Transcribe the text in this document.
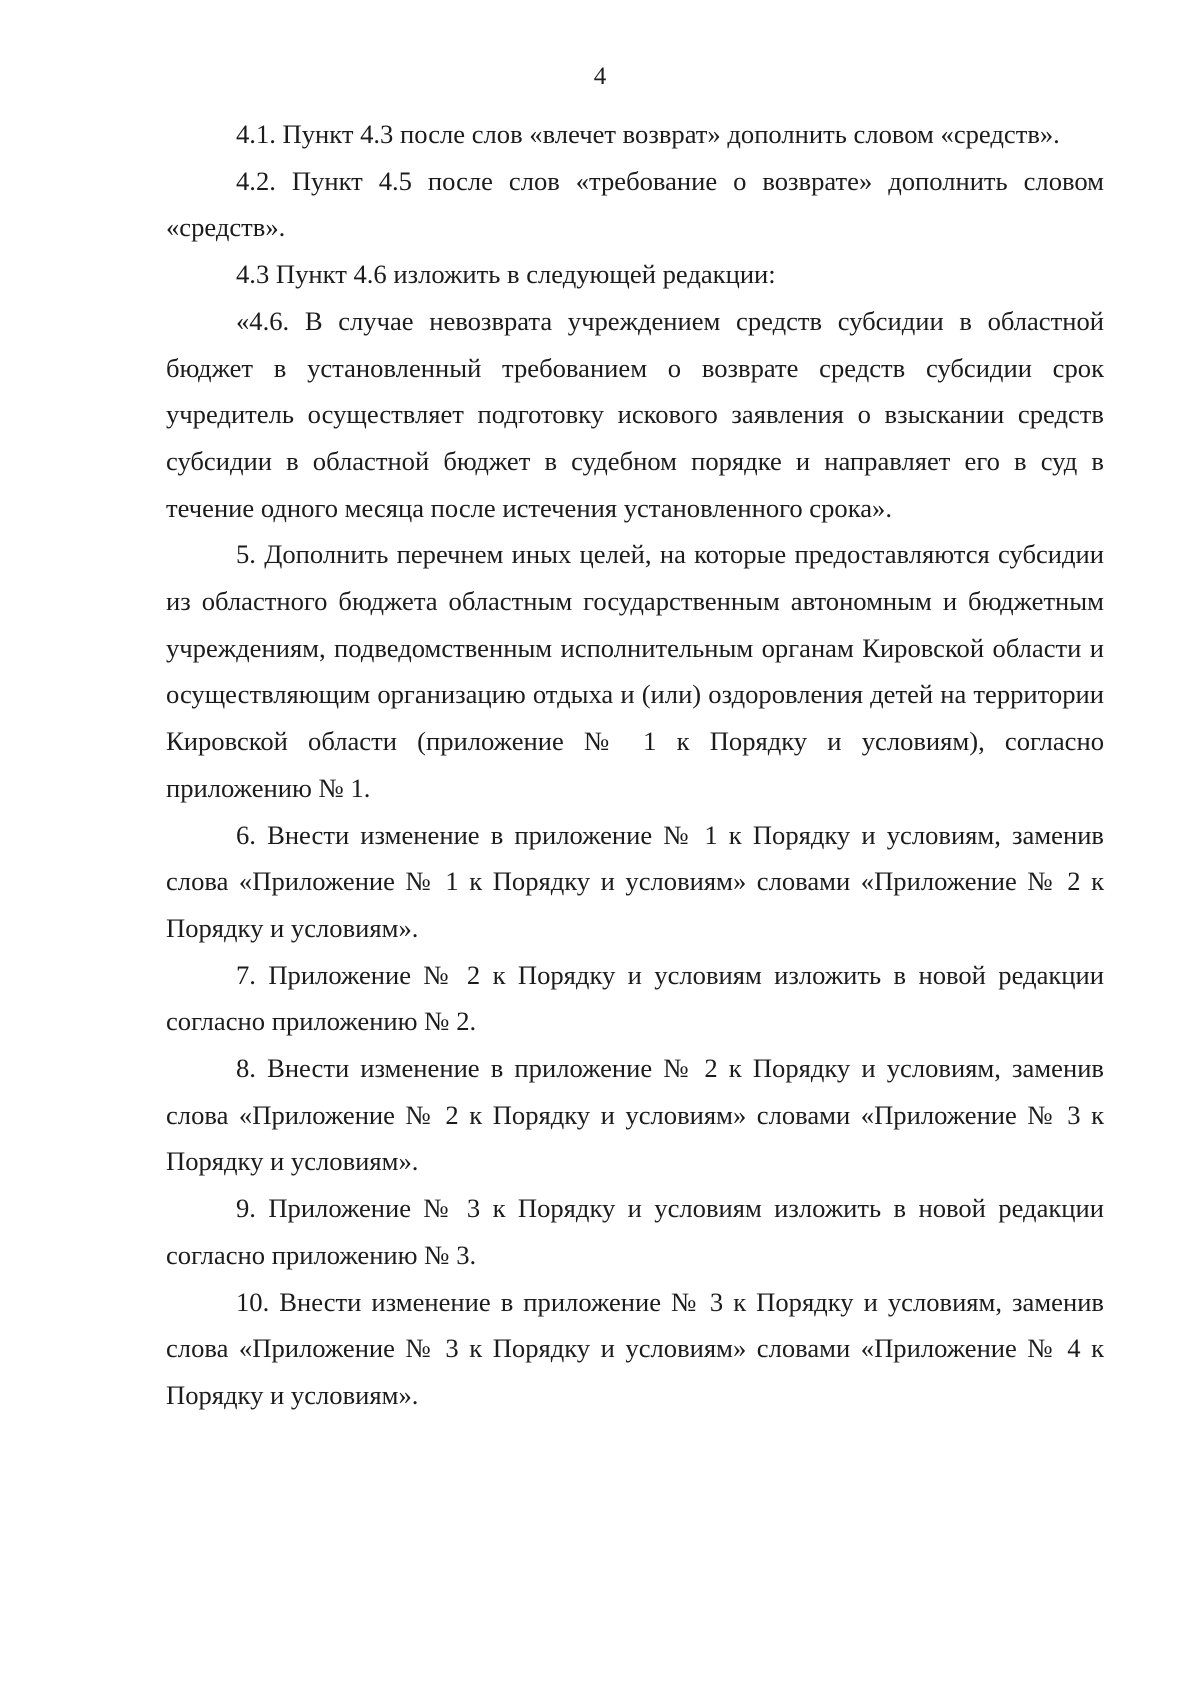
4

4.1. Пункт 4.3 после слов «влечет возврат» дополнить словом «средств».

4.2. Пункт 4.5 после слов «требование о возврате» дополнить словом «средств».

4.3 Пункт 4.6 изложить в следующей редакции:

«4.6. В случае невозврата учреждением средств субсидии в областной бюджет в установленный требованием о возврате средств субсидии срок учредитель осуществляет подготовку искового заявления о взыскании средств субсидии в областной бюджет в судебном порядке и направляет его в суд в течение одного месяца после истечения установленного срока».

5. Дополнить перечнем иных целей, на которые предоставляются субсидии из областного бюджета областным государственным автономным и бюджетным учреждениям, подведомственным исполнительным органам Кировской области и осуществляющим организацию отдыха и (или) оздоровления детей на территории Кировской области (приложение № 1 к Порядку и условиям), согласно приложению № 1.

6. Внести изменение в приложение № 1 к Порядку и условиям, заменив слова «Приложение № 1 к Порядку и условиям» словами «Приложение № 2 к Порядку и условиям».

7. Приложение № 2 к Порядку и условиям изложить в новой редакции согласно приложению № 2.

8. Внести изменение в приложение № 2 к Порядку и условиям, заменив слова «Приложение № 2 к Порядку и условиям» словами «Приложение № 3 к Порядку и условиям».

9. Приложение № 3 к Порядку и условиям изложить в новой редакции согласно приложению № 3.

10. Внести изменение в приложение № 3 к Порядку и условиям, заменив слова «Приложение № 3 к Порядку и условиям» словами «Приложение № 4 к Порядку и условиям».
